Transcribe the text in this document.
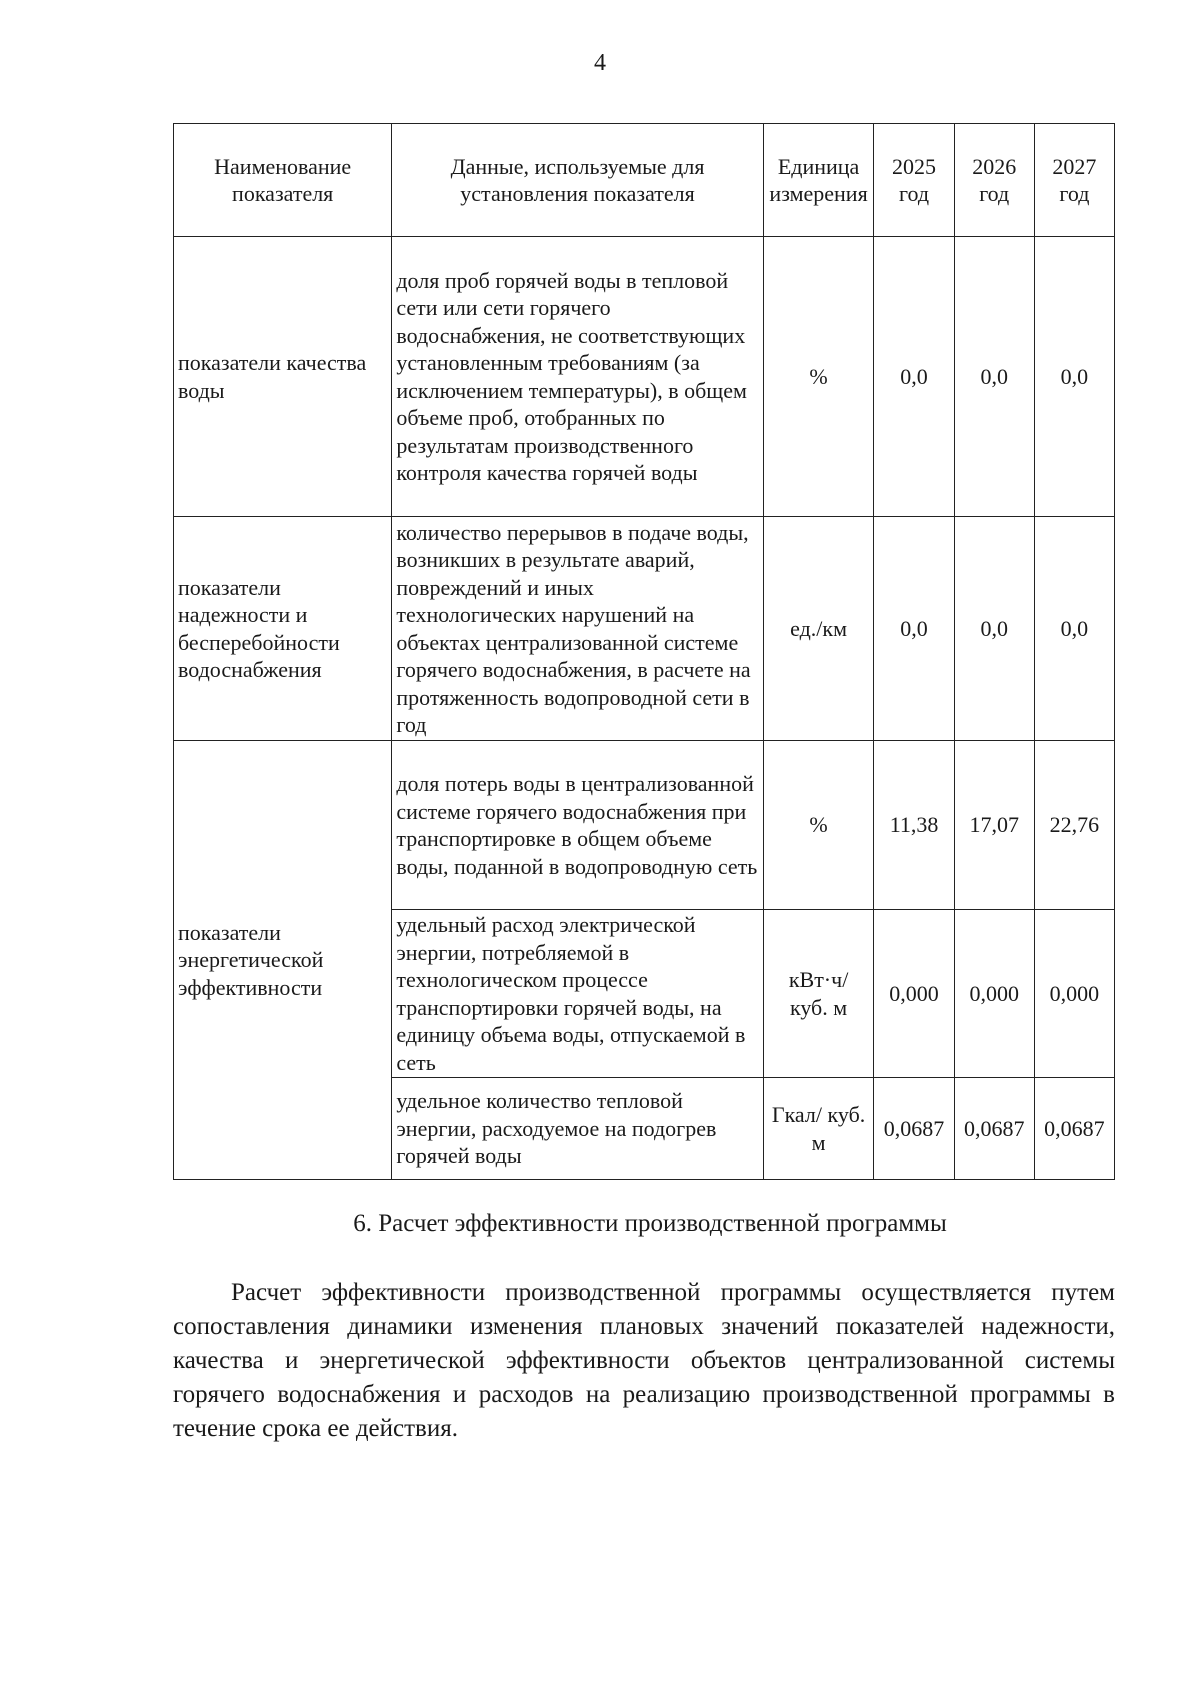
4
Наименование показателя	Данные, используемые для установления показателя	Единица измерения	2025 год	2026 год	2027 год
показатели качества воды	доля проб горячей воды в тепловой сети или сети горячего водоснабжения, не соответствующих установленным требованиям (за исключением температуры), в общем объеме проб, отобранных по результатам производственного контроля качества горячей воды	%	0,0	0,0	0,0
показатели надежности и бесперебойности водоснабжения	количество перерывов в подаче воды, возникших в результате аварий, повреждений и иных технологических нарушений на объектах централизованной системе горячего водоснабжения, в расчете на протяженность водопроводной сети в год	ед./км	0,0	0,0	0,0
показатели энергетической эффективности	доля потерь воды в централизованной системе горячего водоснабжения при транспортировке в общем объеме воды, поданной в водопроводную сеть	%	11,38	17,07	22,76
	удельный расход электрической энергии, потребляемой в технологическом процессе транспортировки горячей воды, на единицу объема воды, отпускаемой в сеть	кВт·ч/ куб. м	0,000	0,000	0,000
	удельное количество тепловой энергии, расходуемое на подогрев горячей воды	Гкал/ куб. м	0,0687	0,0687	0,0687
6. Расчет эффективности производственной программы

Расчет эффективности производственной программы осуществляется путем сопоставления динамики изменения плановых значений показателей надежности, качества и энергетической эффективности объектов централизованной системы горячего водоснабжения и расходов на реализацию производственной программы в течение срока ее действия.
